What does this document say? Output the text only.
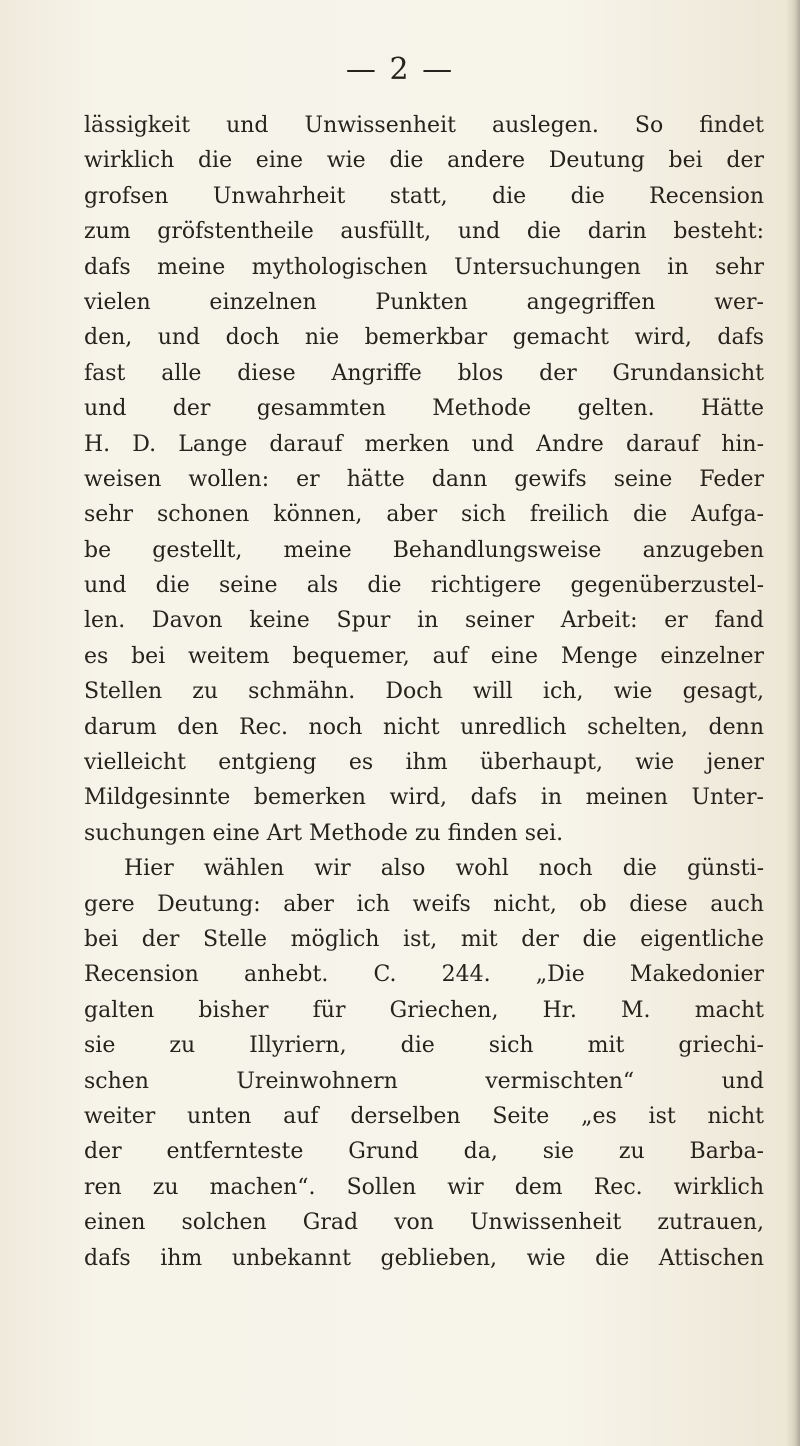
— 2 —
lässigkeit und Unwissenheit auslegen. So findet
wirklich die eine wie die andere Deutung bei der
grofsen Unwahrheit statt, die die Recension
zum gröfstentheile ausfüllt, und die darin besteht:
dafs meine mythologischen Untersuchungen in sehr
vielen einzelnen Punkten angegriffen wer-
den, und doch nie bemerkbar gemacht wird, dafs
fast alle diese Angriffe blos der Grundansicht
und der gesammten Methode gelten. Hätte
H. D. Lange darauf merken und Andre darauf hin-
weisen wollen: er hätte dann gewifs seine Feder
sehr schonen können, aber sich freilich die Aufga-
be gestellt, meine Behandlungsweise anzugeben
und die seine als die richtigere gegenüberzustel-
len. Davon keine Spur in seiner Arbeit: er fand
es bei weitem bequemer, auf eine Menge einzelner
Stellen zu schmähn. Doch will ich, wie gesagt,
darum den Rec. noch nicht unredlich schelten, denn
vielleicht entgieng es ihm überhaupt, wie jener
Mildgesinnte bemerken wird, dafs in meinen Unter-
suchungen eine Art Methode zu finden sei.
Hier wählen wir also wohl noch die günsti-
gere Deutung: aber ich weifs nicht, ob diese auch
bei der Stelle möglich ist, mit der die eigentliche
Recension anhebt. C. 244. „Die Makedonier
galten bisher für Griechen, Hr. M. macht
sie zu Illyriern, die sich mit griechi-
schen Ureinwohnern vermischten“ und
weiter unten auf derselben Seite „es ist nicht
der entfernteste Grund da, sie zu Barba-
ren zu machen“. Sollen wir dem Rec. wirklich
einen solchen Grad von Unwissenheit zutrauen,
dafs ihm unbekannt geblieben, wie die Attischen
